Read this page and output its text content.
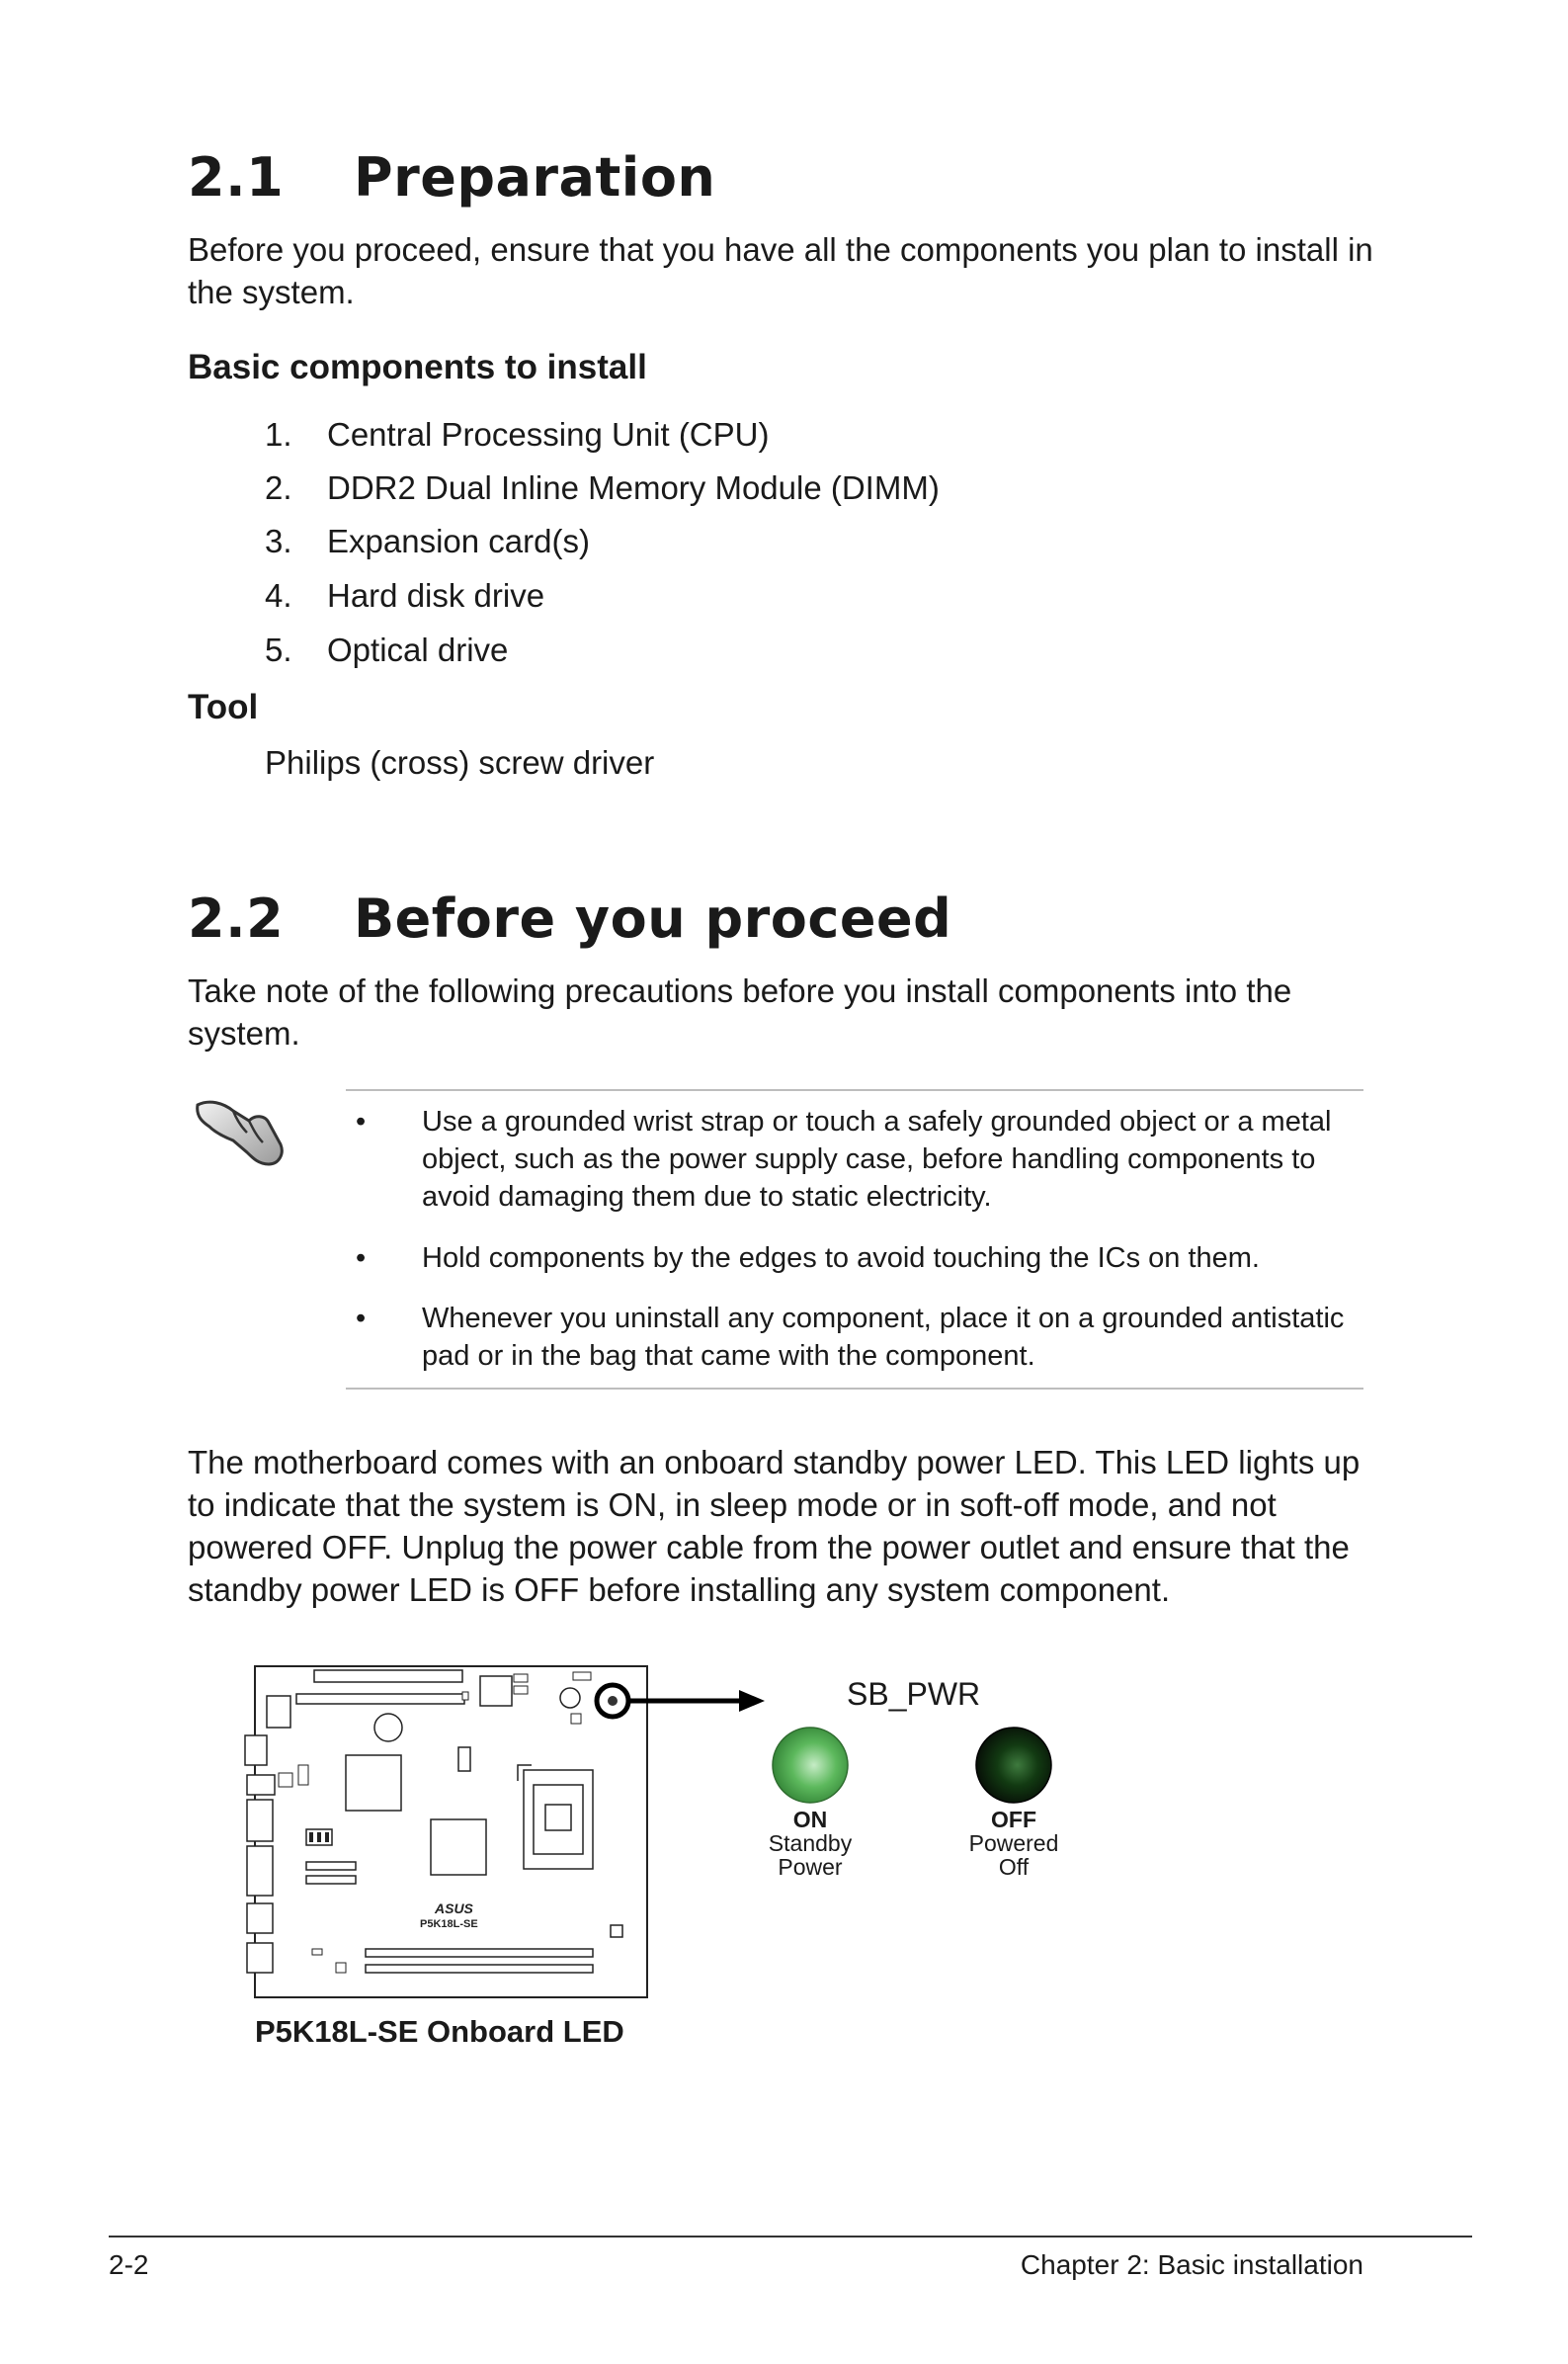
2.1 Preparation
Before you proceed, ensure that you have all the components you plan to install in the system.
Basic components to install
1. Central Processing Unit (CPU)
2. DDR2 Dual Inline Memory Module (DIMM)
3. Expansion card(s)
4. Hard disk drive
5. Optical drive
Tool
Philips (cross) screw driver
2.2 Before you proceed
Take note of the following precautions before you install components into the system.
• Use a grounded wrist strap or touch a safely grounded object or a metal object, such as the power supply case, before handling components to avoid damaging them due to static electricity.
• Hold components by the edges to avoid touching the ICs on them.
• Whenever you uninstall any component, place it on a grounded antistatic pad or in the bag that came with the component.
The motherboard comes with an onboard standby power LED. This LED lights up to indicate that the system is ON, in sleep mode or in soft-off mode, and not powered OFF. Unplug the power cable from the power outlet and ensure that the standby power LED is OFF before installing any system component.
ASUS
P5K18L-SE
SB_PWR
ON
Standby
Power
OFF
Powered
Off
P5K18L-SE Onboard LED
2-2	Chapter 2: Basic installation
